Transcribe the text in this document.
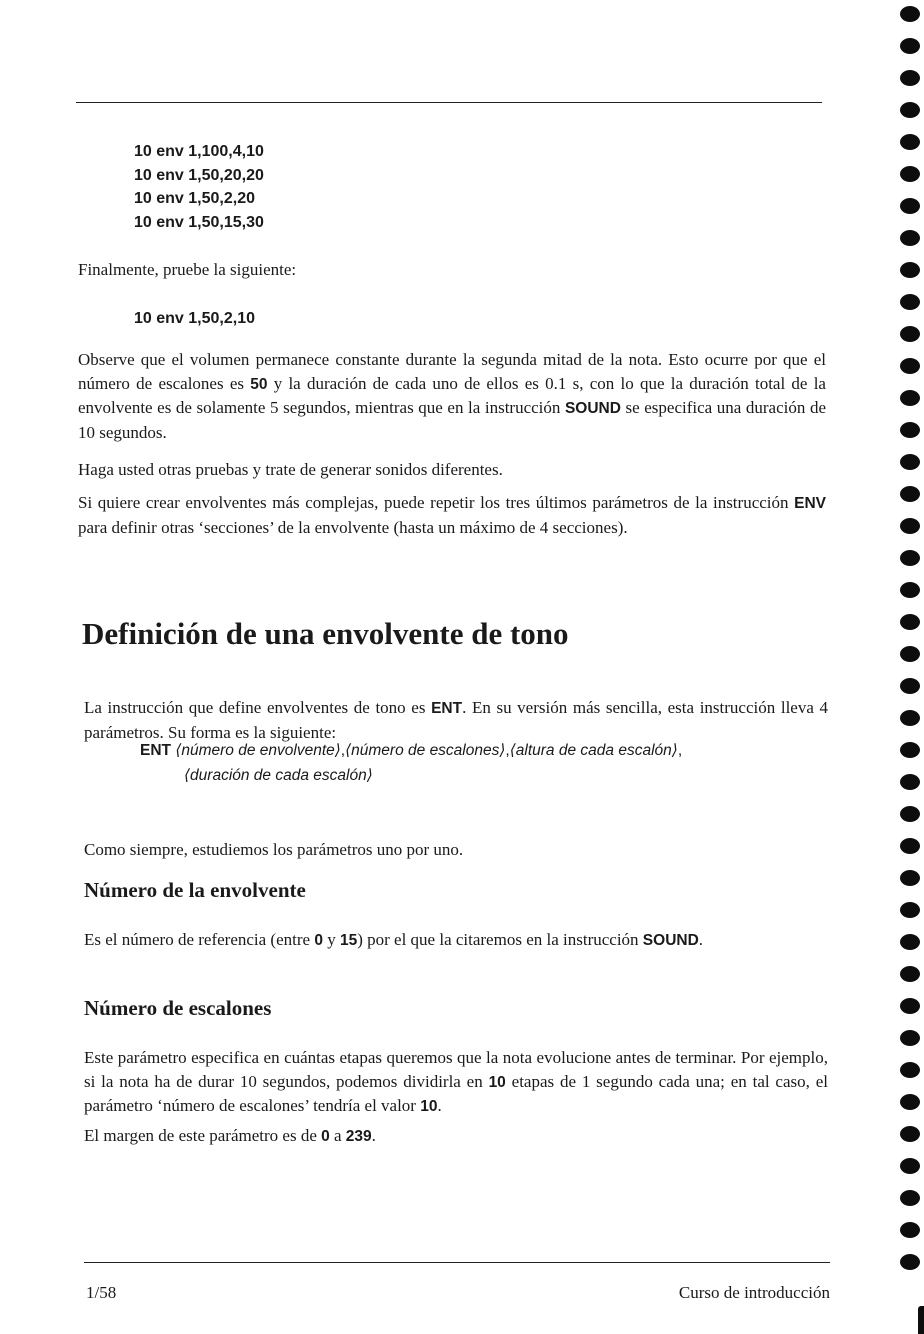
10 env 1,100,4,10
10 env 1,50,20,20
10 env 1,50,2,20
10 env 1,50,15,30

Finalmente, pruebe la siguiente:

10 env 1,50,2,10

Observe que el volumen permanece constante durante la segunda mitad de la nota. Esto ocurre por que el número de escalones es 50 y la duración de cada uno de ellos es 0.1 s, con lo que la duración total de la envolvente es de solamente 5 segundos, mientras que en la instrucción SOUND se especifica una duración de 10 segundos.

Haga usted otras pruebas y trate de generar sonidos diferentes.

Si quiere crear envolventes más complejas, puede repetir los tres últimos parámetros de la instrucción ENV para definir otras ‘secciones’ de la envolvente (hasta un máximo de 4 secciones).

Definición de una envolvente de tono

La instrucción que define envolventes de tono es ENT. En su versión más sencilla, esta instrucción lleva 4 parámetros. Su forma es la siguiente:

ENT ⟨número de envolvente⟩,⟨número de escalones⟩,⟨altura de cada escalón⟩,
⟨duración de cada escalón⟩

Como siempre, estudiemos los parámetros uno por uno.

Número de la envolvente

Es el número de referencia (entre 0 y 15) por el que la citaremos en la instrucción SOUND.

Número de escalones

Este parámetro especifica en cuántas etapas queremos que la nota evolucione antes de terminar. Por ejemplo, si la nota ha de durar 10 segundos, podemos dividirla en 10 etapas de 1 segundo cada una; en tal caso, el parámetro ‘número de escalones’ tendría el valor 10.

El margen de este parámetro es de 0 a 239.

1/58	Curso de introducción
